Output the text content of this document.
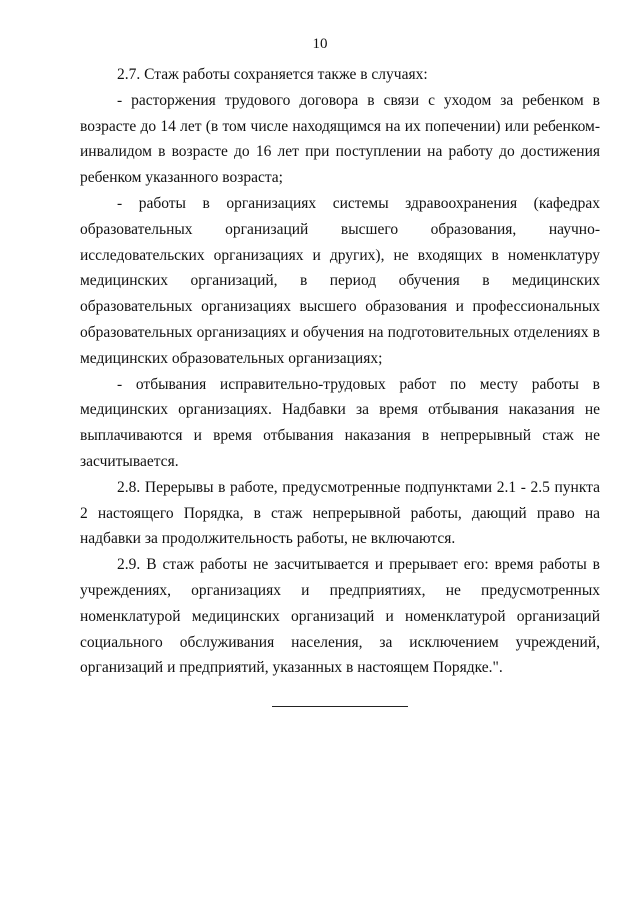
10

2.7. Стаж работы сохраняется также в случаях:

- расторжения трудового договора в связи с уходом за ребенком в возрасте до 14 лет (в том числе находящимся на их попечении) или ребенком-инвалидом в возрасте до 16 лет при поступлении на работу до достижения ребенком указанного возраста;

- работы в организациях системы здравоохранения (кафедрах образовательных организаций высшего образования, научно-исследовательских организациях и других), не входящих в номенклатуру медицинских организаций, в период обучения в медицинских образовательных организациях высшего образования и профессиональных образовательных организациях и обучения на подготовительных отделениях в медицинских образовательных организациях;

- отбывания исправительно-трудовых работ по месту работы в медицинских организациях. Надбавки за время отбывания наказания не выплачиваются и время отбывания наказания в непрерывный стаж не засчитывается.

2.8. Перерывы в работе, предусмотренные подпунктами 2.1 - 2.5 пункта 2 настоящего Порядка, в стаж непрерывной работы, дающий право на надбавки за продолжительность работы, не включаются.

2.9. В стаж работы не засчитывается и прерывает его: время работы в учреждениях, организациях и предприятиях, не предусмотренных номенклатурой медицинских организаций и номенклатурой организаций социального обслуживания населения, за исключением учреждений, организаций и предприятий, указанных в настоящем Порядке.".
